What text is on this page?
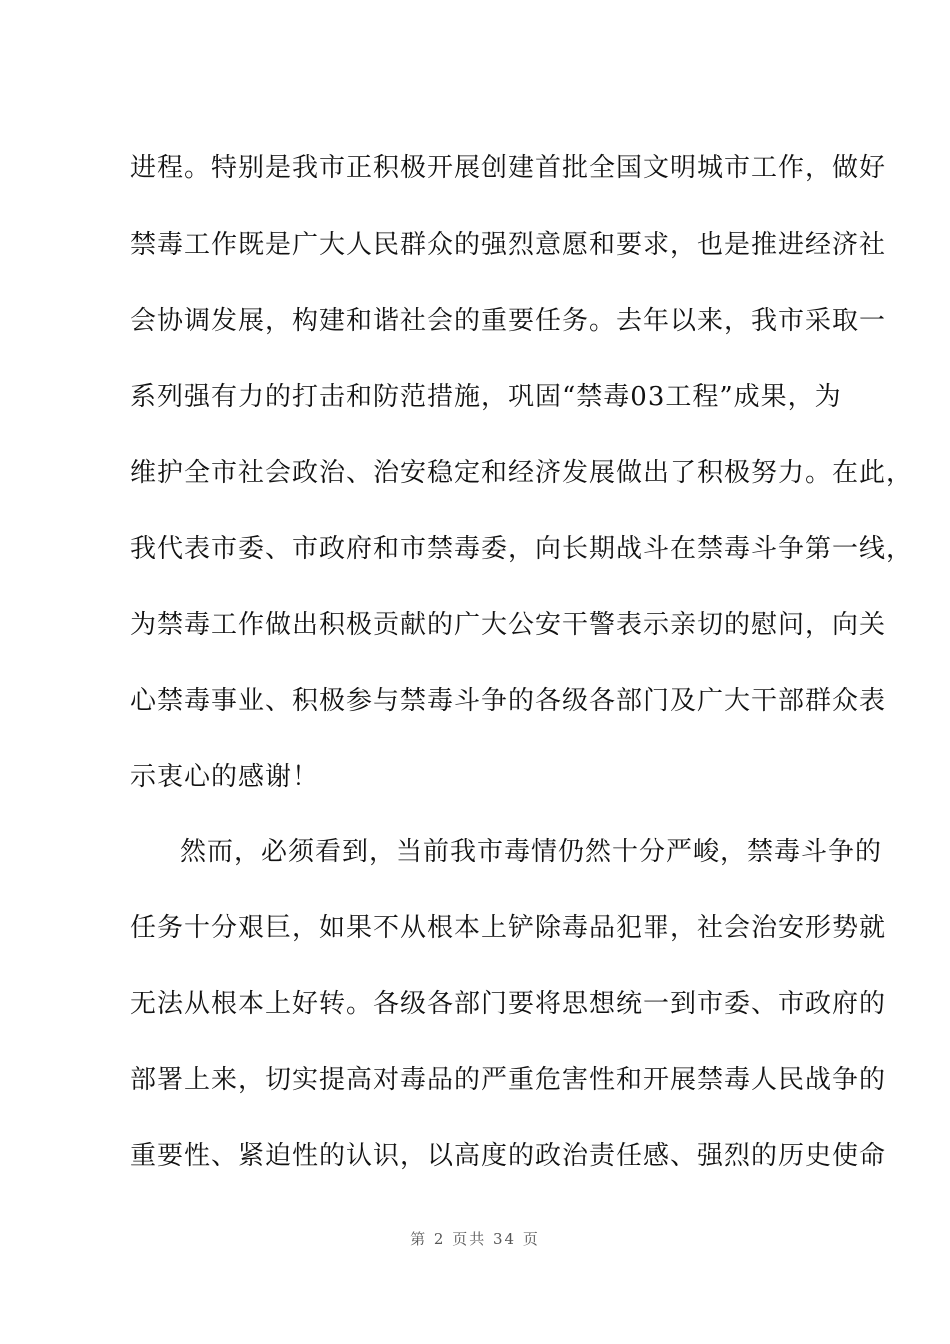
进程。特别是我市正积极开展创建首批全国文明城市工作，做好
禁毒工作既是广大人民群众的强烈意愿和要求，也是推进经济社
会协调发展，构建和谐社会的重要任务。去年以来，我市采取一
系列强有力的打击和防范措施，巩固“禁毒03工程”成果，为
维护全市社会政治、治安稳定和经济发展做出了积极努力。在此，
我代表市委、市政府和市禁毒委，向长期战斗在禁毒斗争第一线，
为禁毒工作做出积极贡献的广大公安干警表示亲切的慰问，向关
心禁毒事业、积极参与禁毒斗争的各级各部门及广大干部群众表
示衷心的感谢！
然而，必须看到，当前我市毒情仍然十分严峻，禁毒斗争的
任务十分艰巨，如果不从根本上铲除毒品犯罪，社会治安形势就
无法从根本上好转。各级各部门要将思想统一到市委、市政府的
部署上来，切实提高对毒品的严重危害性和开展禁毒人民战争的
重要性、紧迫性的认识，以高度的政治责任感、强烈的历史使命
第 2 页共 34 页
